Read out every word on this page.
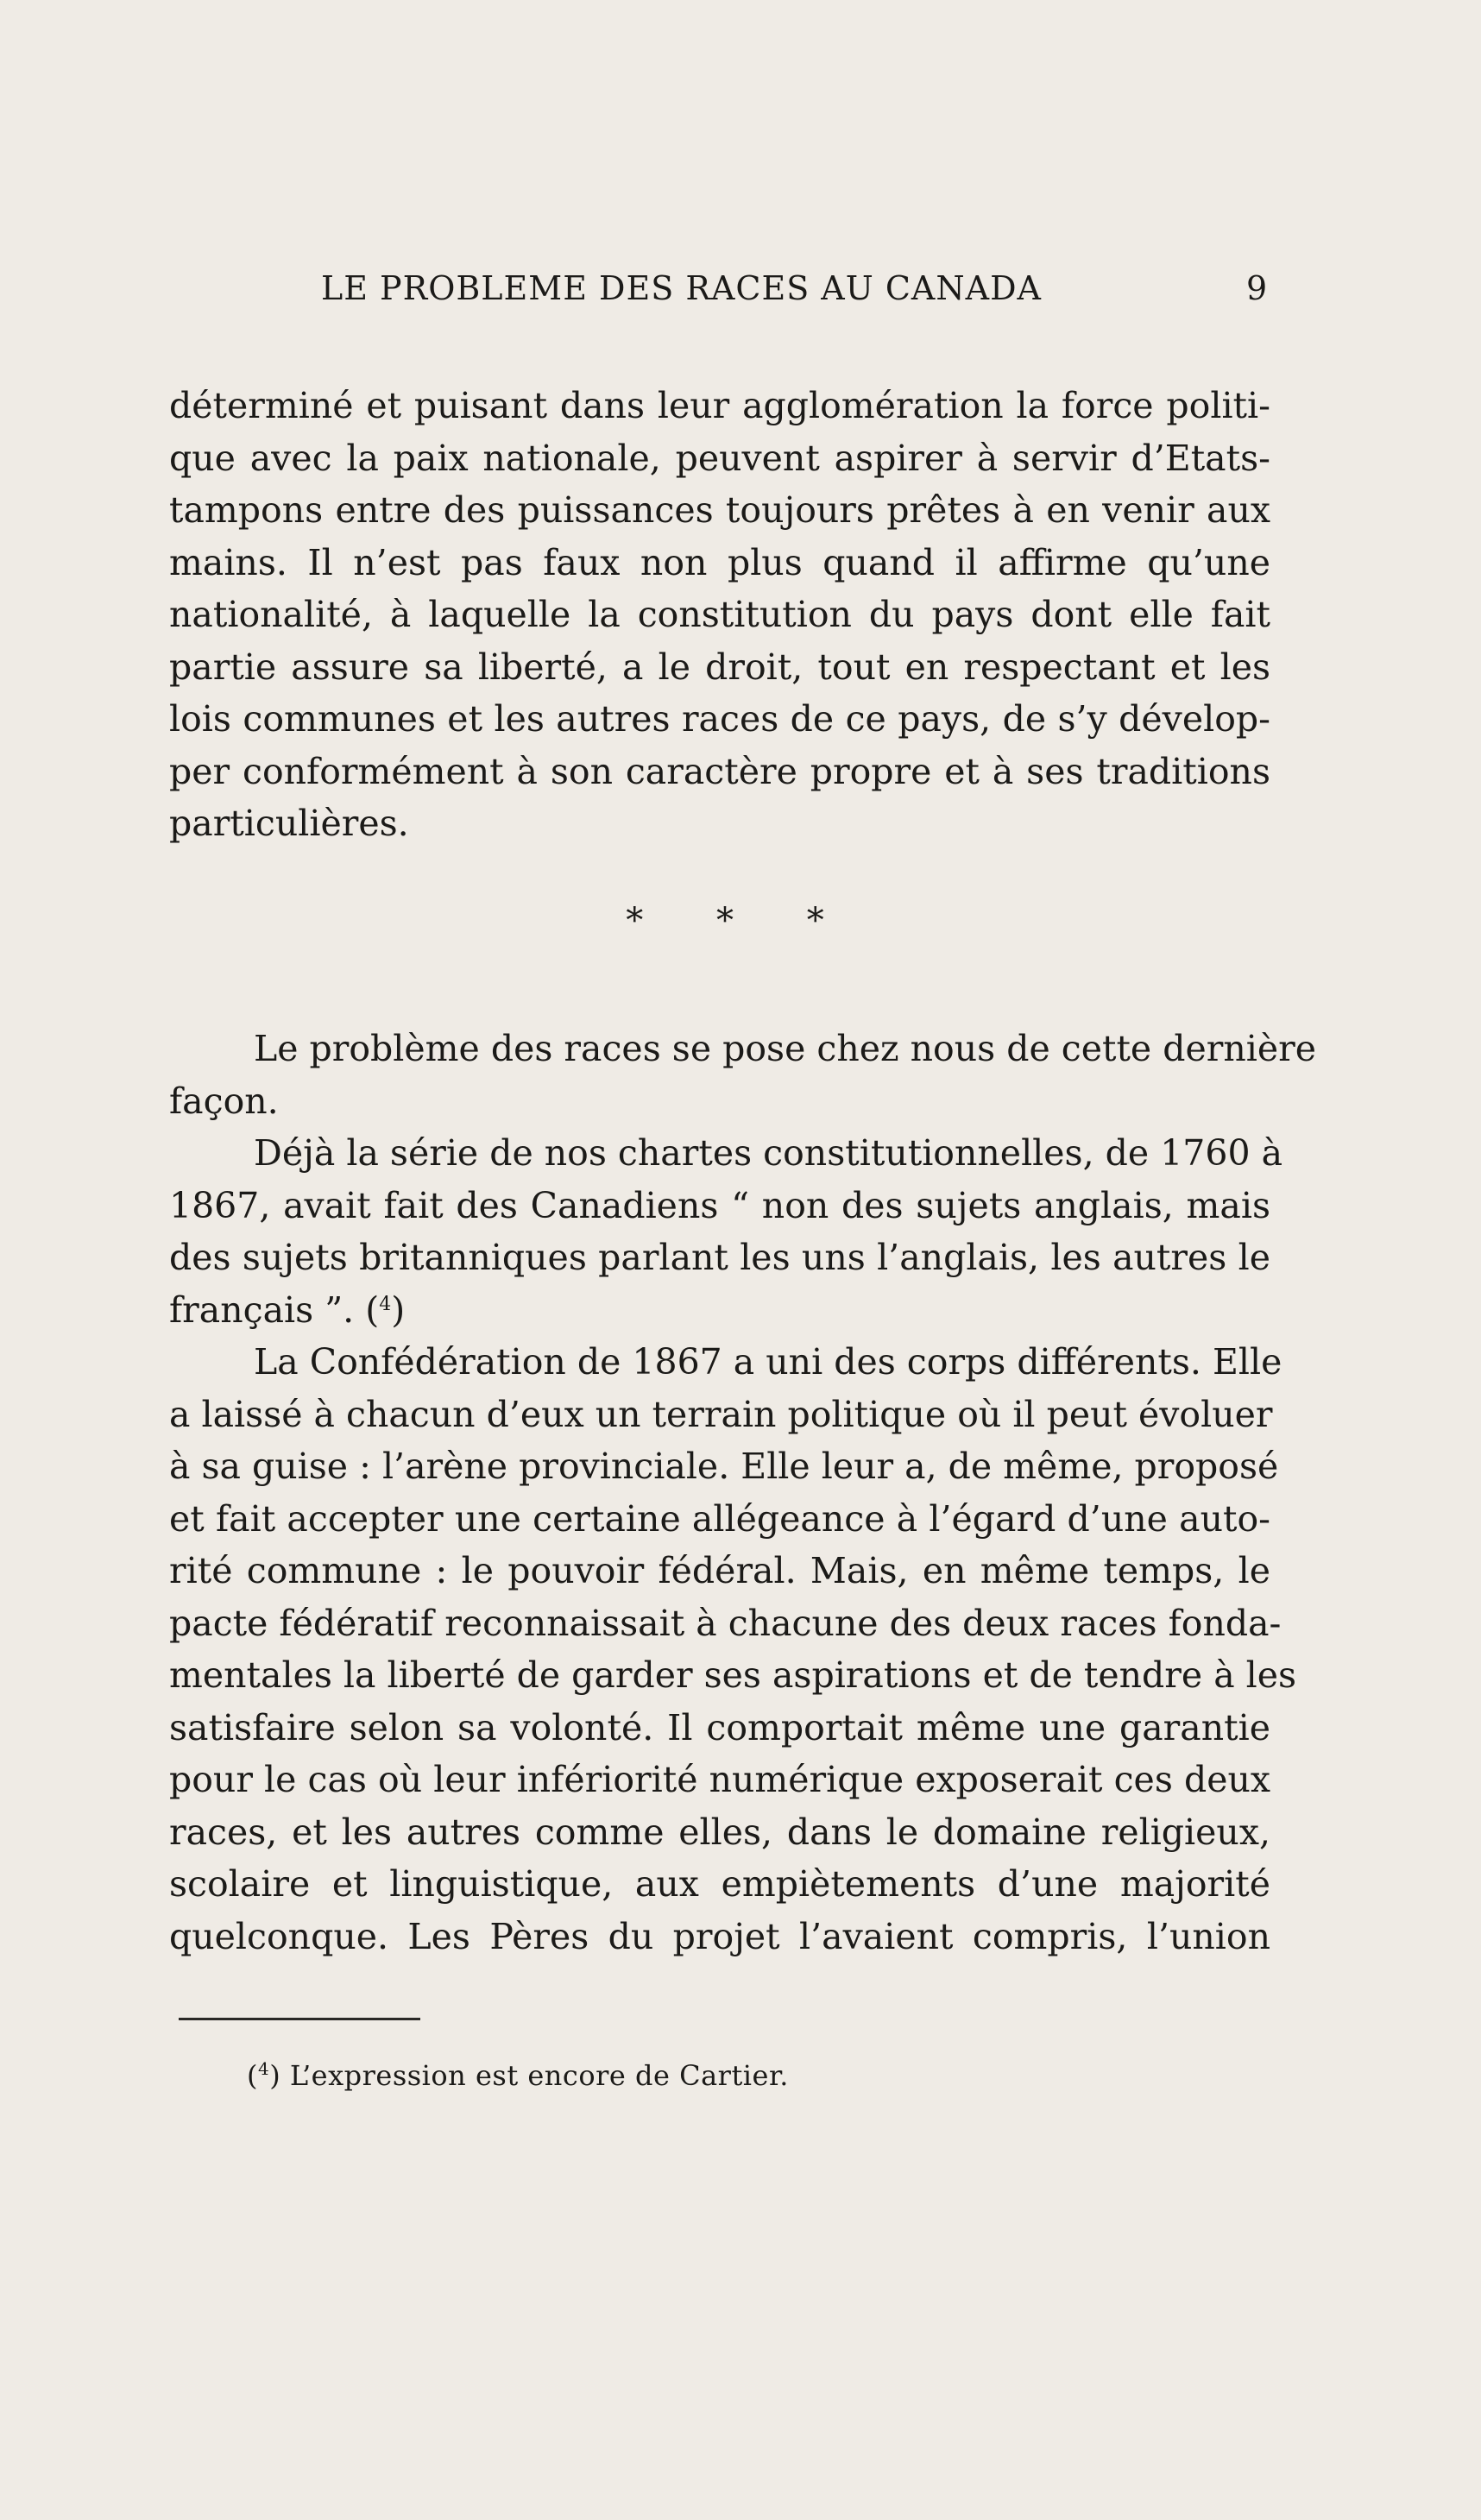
LE PROBLEME DES RACES AU CANADA	9
déterminé et puisant dans leur agglomération la force politi-
que avec la paix nationale, peuvent aspirer à servir d’Etats-
tampons entre des puissances toujours prêtes à en venir aux
mains. Il n’est pas faux non plus quand il affirme qu’une
nationalité, à laquelle la constitution du pays dont elle fait
partie assure sa liberté, a le droit, tout en respectant et les
lois communes et les autres races de ce pays, de s’y dévelop-
per conformément à son caractère propre et à ses traditions
particulières.
* * *
Le problème des races se pose chez nous de cette dernière
façon.
Déjà la série de nos chartes constitutionnelles, de 1760 à
1867, avait fait des Canadiens “ non des sujets anglais, mais
des sujets britanniques parlant les uns l’anglais, les autres le
français ”. ($^4$)
La Confédération de 1867 a uni des corps différents. Elle
a laissé à chacun d’eux un terrain politique où il peut évoluer
à sa guise : l’arène provinciale. Elle leur a, de même, proposé
et fait accepter une certaine allégeance à l’égard d’une auto-
rité commune : le pouvoir fédéral. Mais, en même temps, le
pacte fédératif reconnaissait à chacune des deux races fonda-
mentales la liberté de garder ses aspirations et de tendre à les
satisfaire selon sa volonté. Il comportait même une garantie
pour le cas où leur infériorité numérique exposerait ces deux
races, et les autres comme elles, dans le domaine religieux,
scolaire et linguistique, aux empiètements d’une majorité
quelconque. Les Pères du projet l’avaient compris, l’union
($^4$) L’expression est encore de Cartier.
